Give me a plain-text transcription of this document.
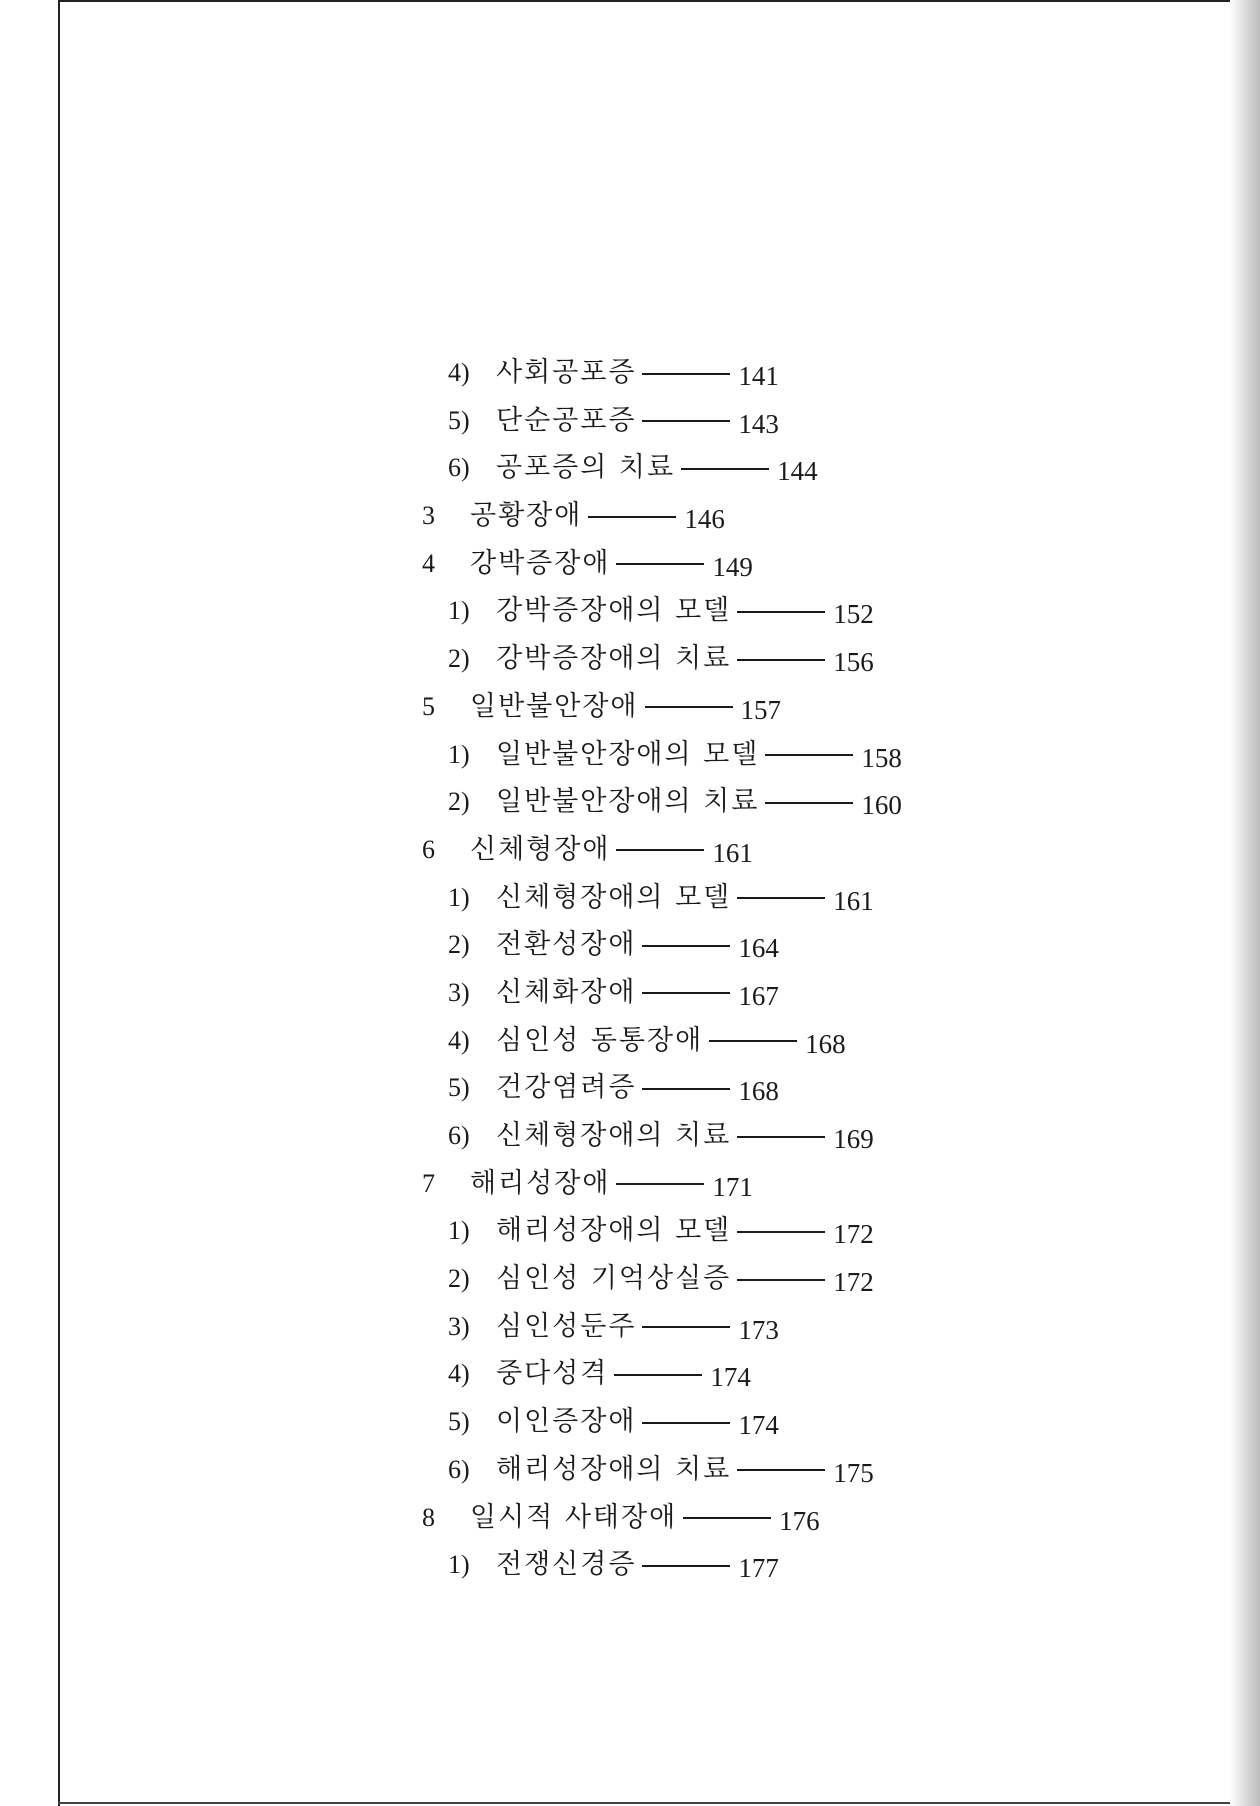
4) 사회공포증	141
5) 단순공포증	143
6) 공포증의 치료	144
3 공황장애	146
4 강박증장애	149
1) 강박증장애의 모델	152
2) 강박증장애의 치료	156
5 일반불안장애	157
1) 일반불안장애의 모델	158
2) 일반불안장애의 치료	160
6 신체형장애	161
1) 신체형장애의 모델	161
2) 전환성장애	164
3) 신체화장애	167
4) 심인성 동통장애	168
5) 건강염려증	168
6) 신체형장애의 치료	169
7 해리성장애	171
1) 해리성장애의 모델	172
2) 심인성 기억상실증	172
3) 심인성둔주	173
4) 중다성격	174
5) 이인증장애	174
6) 해리성장애의 치료	175
8 일시적 사태장애	176
1) 전쟁신경증	177
